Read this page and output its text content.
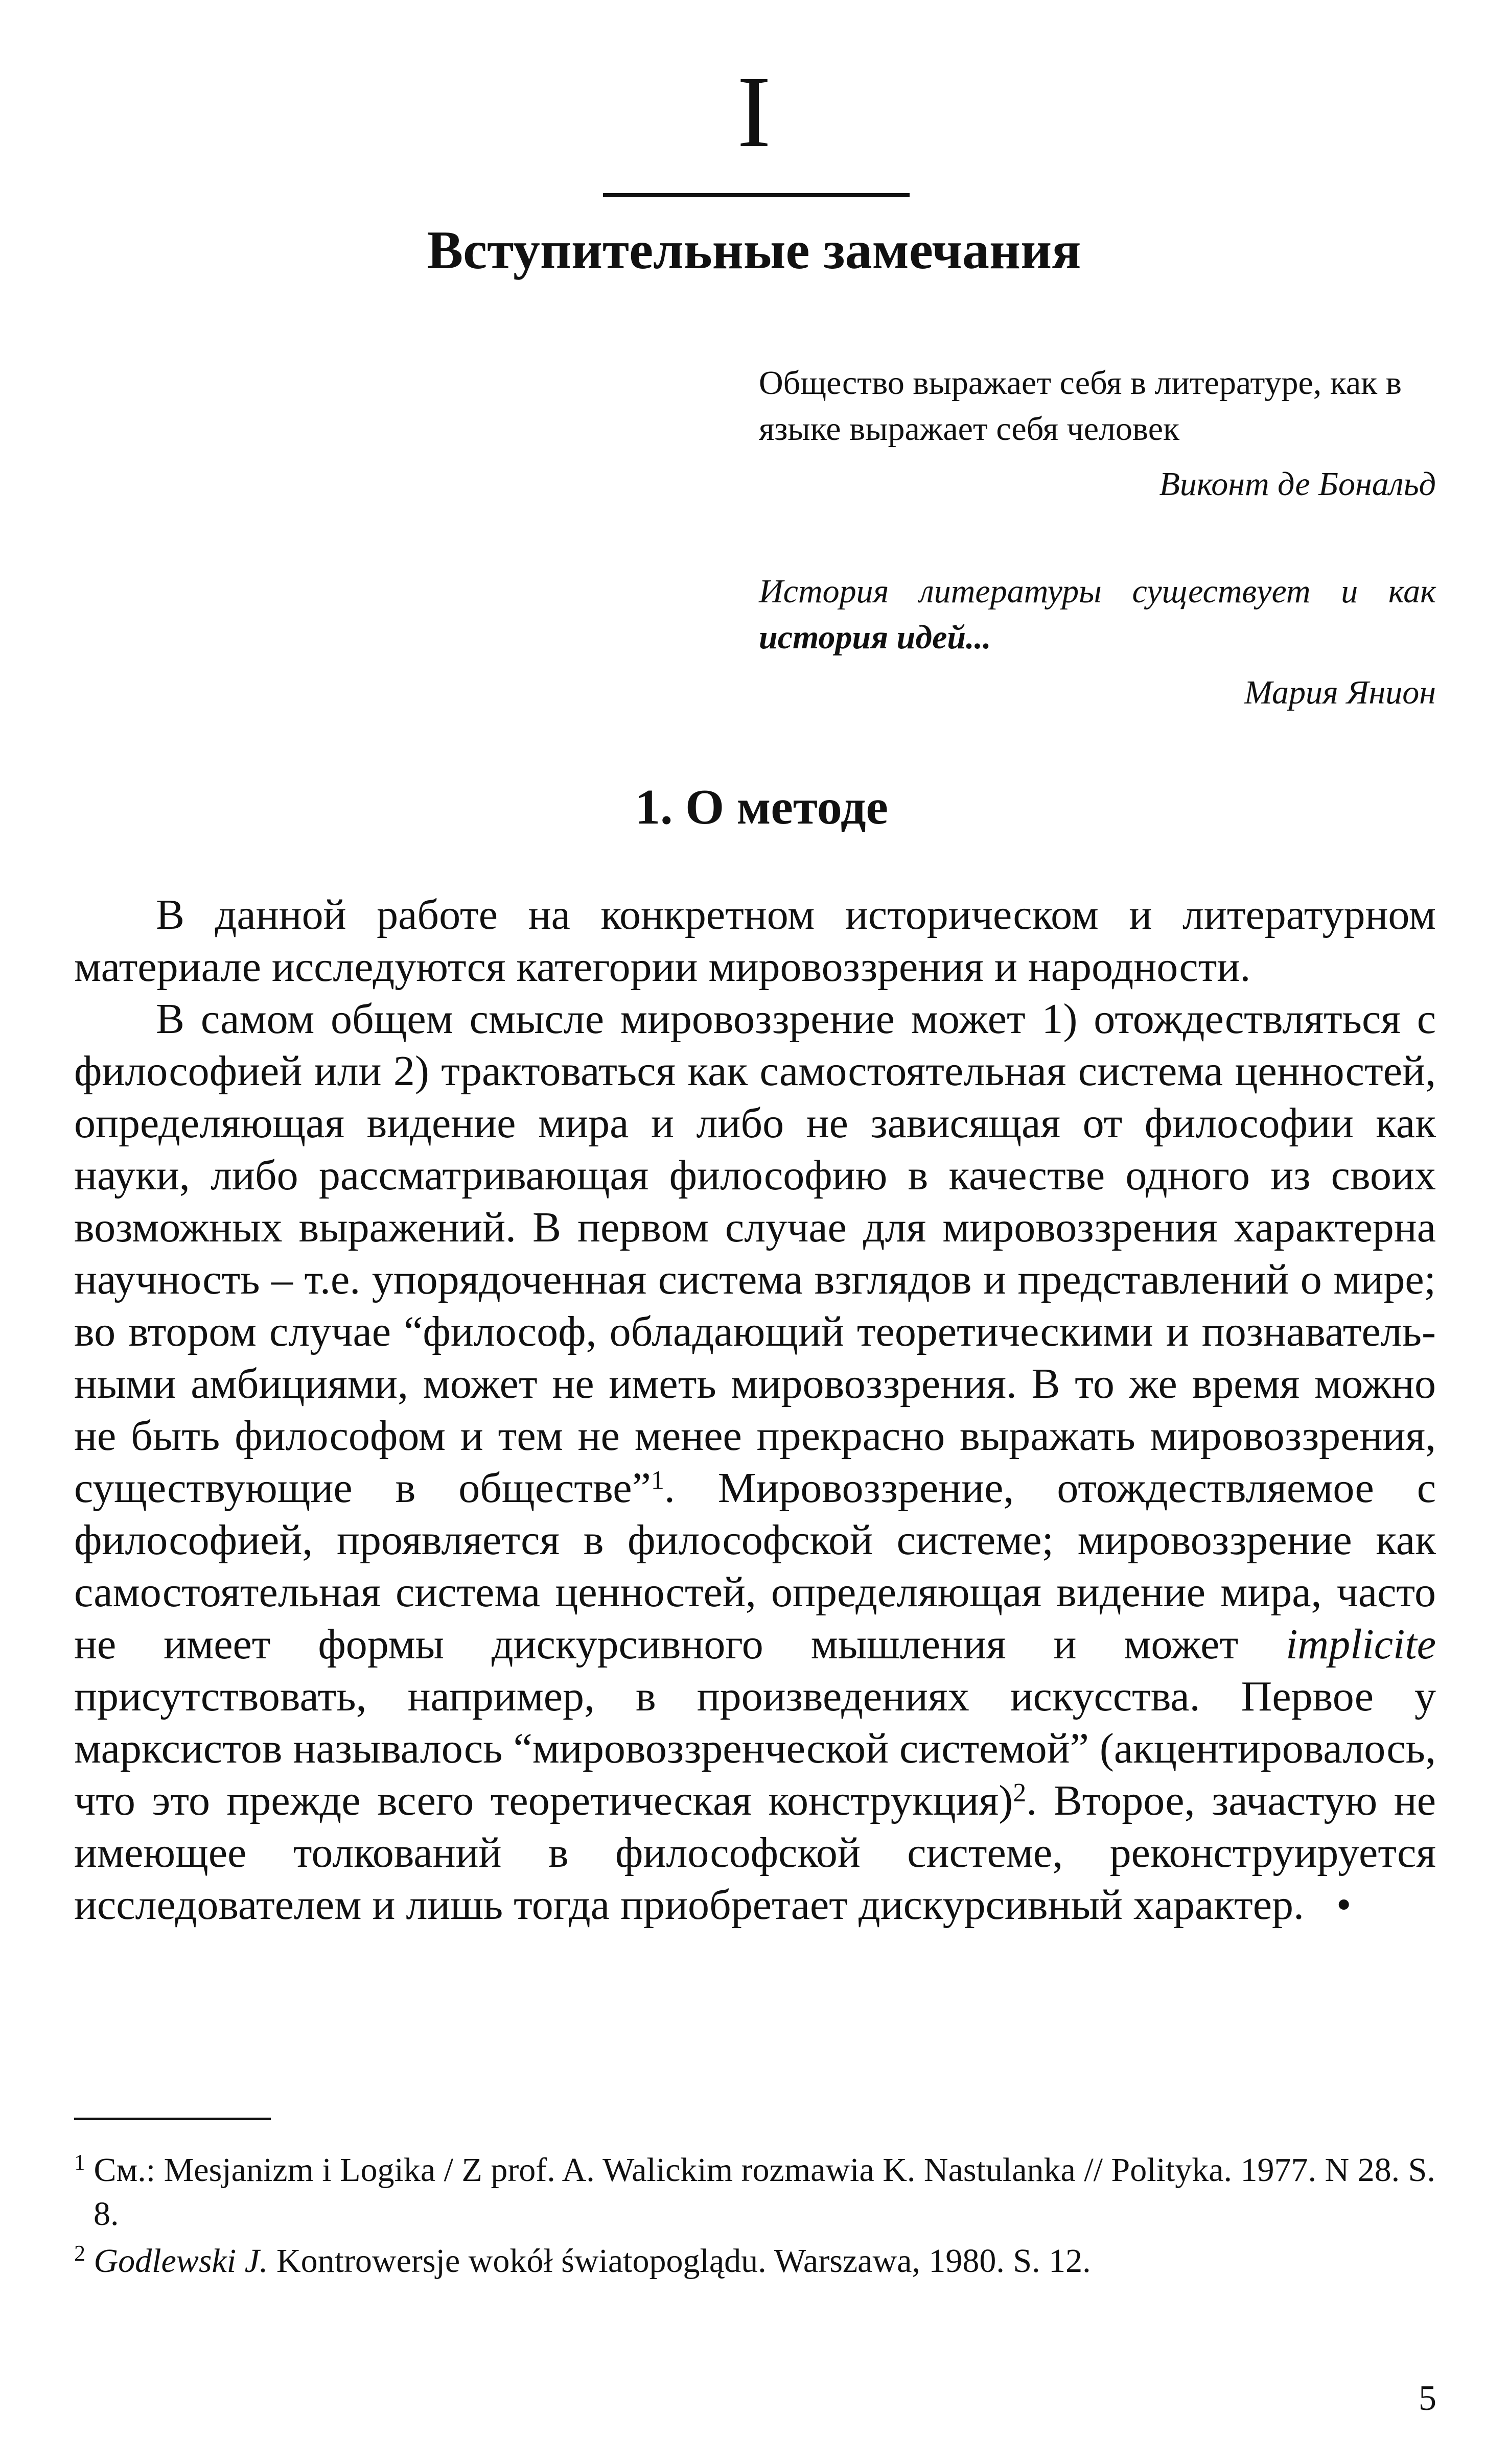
I
Вступительные замечания

Общество выражает себя в литературе, как в языке выражает себя человек

Виконт де Бональд

История литературы существует и как история идей...

Мария Янион

1. О методе

В данной работе на конкретном историческом и литературном материале исследуются категории мировоззрения и народности.

В самом общем смысле мировоззрение может 1) отождествляться с философией или 2) трактоваться как самостоятельная система ценностей, определяющая видение мира и либо не зависящая от философии как науки, либо рассматривающая философию в качестве одного из своих возможных выражений. В первом случае для мировоззрения характерна научность – т.е. упорядоченная система взглядов и представлений о мире; во втором случае “философ, обладающий теоретическими и познавательными амбициями, может не иметь мировоззрения. В то же время можно не быть философом и тем не менее прекрасно выражать мировоззрения, существующие в обществе”$^1$. Мировоззрение, отождествляемое с философией, проявляется в философской системе; мировоззрение как самостоятельная система ценностей, определяющая видение мира, часто не имеет формы дискурсивного мышления и может implicite присутствовать, например, в произведениях искусства. Первое у марксистов называлось “мировоззренческой системой” (акцентировалось, что это прежде всего теоретическая конструкция)$^2$. Второе, зачастую не имеющее толкований в философской системе, реконструируется исследователем и лишь тогда приобретает дискурсивный характер. •

$^1$ См.: Mesjanizm i Logika / Z prof. A. Walickim rozmawia K. Nastulanka // Polityka. 1977. N 28. S. 8.

$^2$ Godlewski J. Kontrowersje wokół światopoglądu. Warszawa, 1980. S. 12.

5
